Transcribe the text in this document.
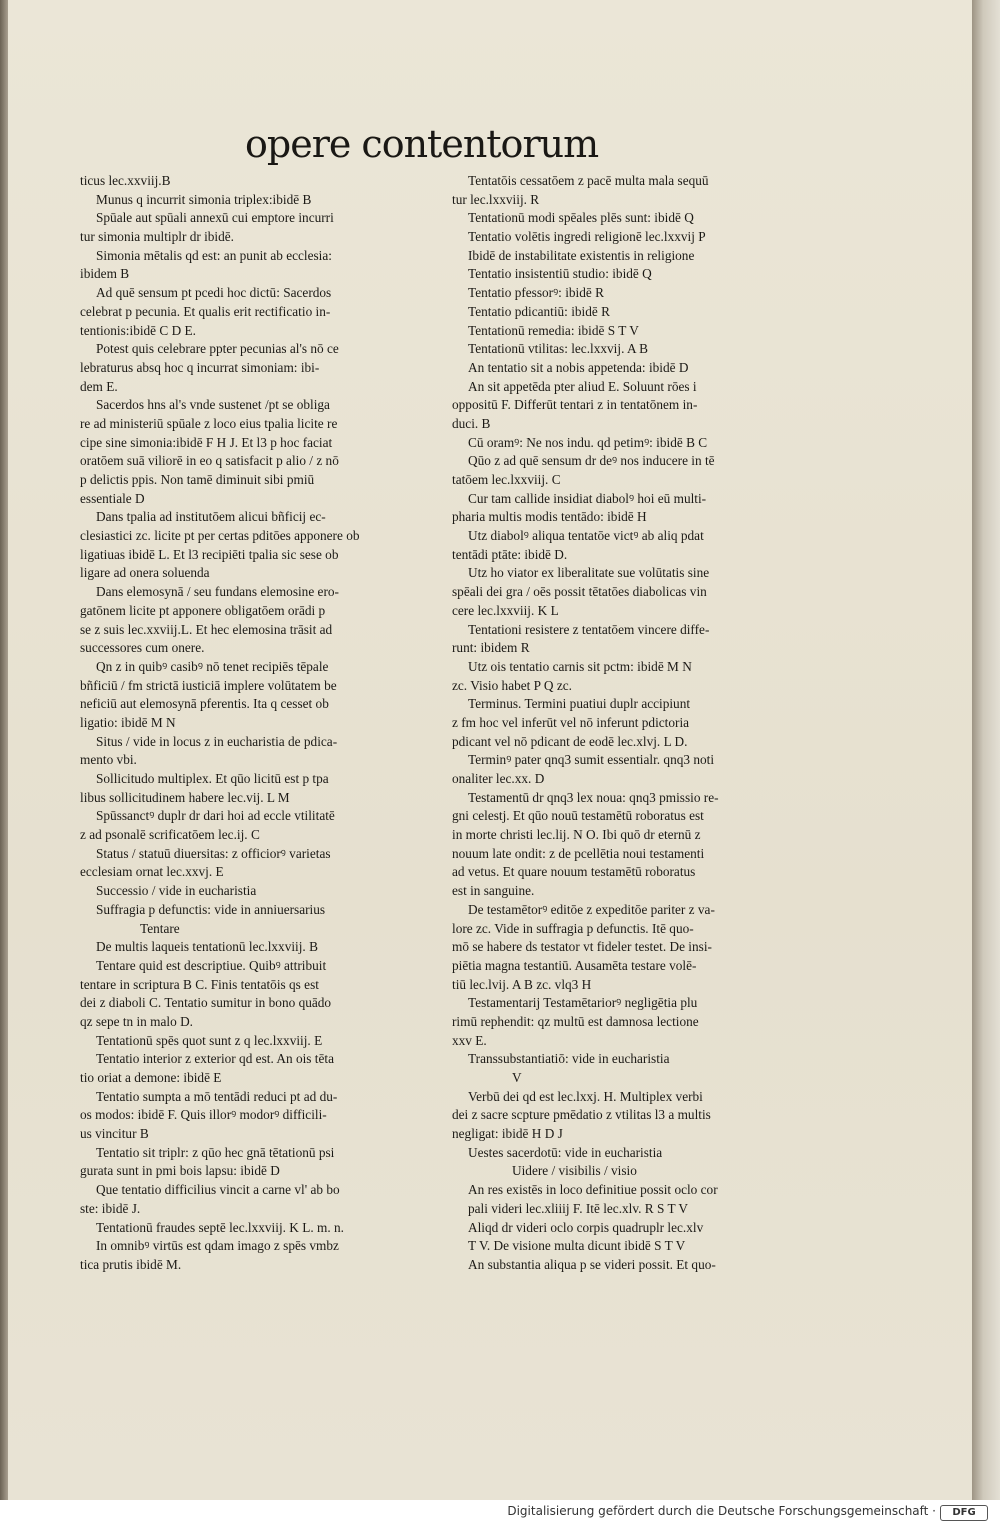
opere contentorum
ticus lec.xxviij.B
Munus q incurrit simonia triplex:ibidē B
Spūale aut spūali annexū cui emptore incurri
tur simonia multiplr dr ibidē.
Simonia mētalis qd est: an punit ab ecclesia:
ibidem B
Ad quē sensum pt pcedi hoc dictū: Sacerdos
celebrat p pecunia. Et qualis erit rectificatio in-
tentionis:ibidē C D E.
Potest quis celebrare ppter pecunias al's nō ce
lebraturus absq hoc q incurrat simoniam: ibi-
dem E.
Sacerdos hns al's vnde sustenet /pt se obliga
re ad ministeriū spūale z loco eius tpalia licite re
cipe sine simonia:ibidē F H J. Et l3 p hoc faciat
oratōem suā viliorē in eo q satisfacit p alio / z nō
p delictis ppis. Non tamē diminuit sibi pmiū
essentiale D
Dans tpalia ad institutōem alicui bñficij ec-
clesiastici zc. licite pt per certas pditōes apponere ob
ligatiuas ibidē L. Et l3 recipiēti tpalia sic sese ob
ligare ad onera soluenda
Dans elemosynā / seu fundans elemosine ero-
gatōnem licite pt apponere obligatōem orādi p
se z suis lec.xxviij.L. Et hec elemosina trāsit ad
successores cum onere.
Qn z in quibꝰ casibꝰ nō tenet recipiēs tēpale
bñficiū / fm strictā iusticiā implere volūtatem be
neficiū aut elemosynā pferentis. Ita q cesset ob
ligatio: ibidē M N
Situs / vide in locus z in eucharistia de pdica-
mento vbi.
Sollicitudo multiplex. Et qūo licitū est p tpa
libus sollicitudinem habere lec.vij. L M
Spūssanctꝰ duplr dr dari hoi ad eccle vtilitatē
z ad psonalē scrificatōem lec.ij. C
Status / statuū diuersitas: z officiorꝰ varietas
ecclesiam ornat lec.xxvj. E
Successio / vide in eucharistia
Suffragia p defunctis: vide in anniuersarius
Tentare
De multis laqueis tentationū lec.lxxviij. B
Tentare quid est descriptiue. Quibꝰ attribuit
tentare in scriptura B C. Finis tentatōis qs est
dei z diaboli C. Tentatio sumitur in bono quādo
qz sepe tn in malo D.
Tentationū spēs quot sunt z q lec.lxxviij. E
Tentatio interior z exterior qd est. An ois tēta
tio oriat a demone: ibidē E
Tentatio sumpta a mō tentādi reduci pt ad du-
os modos: ibidē F. Quis illorꝰ modorꝰ difficili-
us vincitur B
Tentatio sit triplr: z qūo hec gnā tētationū psi
gurata sunt in pmi bois lapsu: ibidē D
Que tentatio difficilius vincit a carne vl' ab bo
ste: ibidē J.
Tentationū fraudes septē lec.lxxviij. K L. m. n.
In omnibꝰ virtūs est qdam imago z spēs vmbz
tica prutis ibidē M.
Tentatōis cessatōem z pacē multa mala sequū
tur lec.lxxviij. R
Tentationū modi spēales plēs sunt: ibidē Q
Tentatio volētis ingredi religionē lec.lxxvij P
Ibidē de instabilitate existentis in religione
Tentatio insistentiū studio: ibidē Q
Tentatio pfessorꝰ: ibidē R
Tentatio pdicantiū: ibidē R
Tentationū remedia: ibidē S T V
Tentationū vtilitas: lec.lxxvij. A B
An tentatio sit a nobis appetenda: ibidē D
An sit appetēda pter aliud E. Soluunt rōes i
oppositū F. Differūt tentari z in tentatōnem in-
duci. B
Cū oramꝰ: Ne nos indu. qd petimꝰ: ibidē B C
Qūo z ad quē sensum dr deꝰ nos inducere in tē
tatōem lec.lxxviij. C
Cur tam callide insidiat diabolꝰ hoi eū multi-
pharia multis modis tentādo: ibidē H
Utz diabolꝰ aliqua tentatōe victꝰ ab aliq pdat
tentādi ptāte: ibidē D.
Utz ho viator ex liberalitate sue volūtatis sine
spēali dei gra / oēs possit tētatōes diabolicas vin
cere lec.lxxviij. K L
Tentationi resistere z tentatōem vincere diffe-
runt: ibidem R
Utz ois tentatio carnis sit pctm: ibidē M N
zc. Visio habet P Q zc.
Terminus. Termini puatiui duplr accipiunt
z fm hoc vel inferūt vel nō inferunt pdictoria
pdicant vel nō pdicant de eodē lec.xlvj. L D.
Terminꝰ pater qnq3 sumit essentialr. qnq3 noti
onaliter lec.xx. D
Testamentū dr qnq3 lex noua: qnq3 pmissio re-
gni celestj. Et qūo nouū testamētū roboratus est
in morte christi lec.lij. N O. Ibi quō dr eternū z
nouum late ondit: z de pcellētia noui testamenti
ad vetus. Et quare nouum testamētū roboratus
est in sanguine.
De testamētorꝰ editōe z expeditōe pariter z va-
lore zc. Vide in suffragia p defunctis. Itē quo-
mō se habere ds testator vt fideler testet. De insi-
piētia magna testantiū. Ausamēta testare volē-
tiū lec.lvij. A B zc. vlq3 H
Testamentarij Testamētariorꝰ negligētia plu
rimū rephendit: qz multū est damnosa lectione
xxv E.
Transsubstantiatiō: vide in eucharistia
V
Verbū dei qd est lec.lxxj. H. Multiplex verbi
dei z sacre scpture pmēdatio z vtilitas l3 a multis
negligat: ibidē H D J
Uestes sacerdotū: vide in eucharistia
Uidere / visibilis / visio
An res existēs in loco definitiue possit oclo cor
pali videri lec.xliiij F. Itē lec.xlv. R S T V
Aliqd dr videri oclo corpis quadruplr lec.xlv
T V. De visione multa dicunt ibidē S T V
An substantia aliqua p se videri possit. Et quo-
Digitalisierung gefördert durch die Deutsche Forschungsgemeinschaft ·	DFG
